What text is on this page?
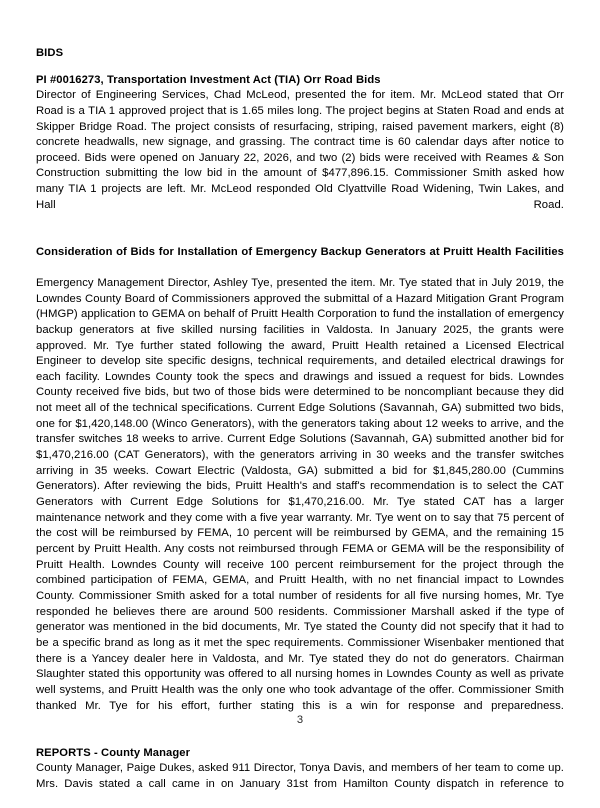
BIDS
PI #0016273, Transportation Investment Act (TIA) Orr Road Bids
Director of Engineering Services, Chad McLeod, presented the for item. Mr. McLeod stated that Orr Road is a TIA 1 approved project that is 1.65 miles long. The project begins at Staten Road and ends at Skipper Bridge Road. The project consists of resurfacing, striping, raised pavement markers, eight (8) concrete headwalls, new signage, and grassing. The contract time is 60 calendar days after notice to proceed. Bids were opened on January 22, 2026, and two (2) bids were received with Reames & Son Construction submitting the low bid in the amount of $477,896.15. Commissioner Smith asked how many TIA 1 projects are left. Mr. McLeod responded Old Clyattville Road Widening, Twin Lakes, and Hall Road.
Consideration of Bids for Installation of Emergency Backup Generators at Pruitt Health Facilities
Emergency Management Director, Ashley Tye, presented the item. Mr. Tye stated that in July 2019, the Lowndes County Board of Commissioners approved the submittal of a Hazard Mitigation Grant Program (HMGP) application to GEMA on behalf of Pruitt Health Corporation to fund the installation of emergency backup generators at five skilled nursing facilities in Valdosta. In January 2025, the grants were approved. Mr. Tye further stated following the award, Pruitt Health retained a Licensed Electrical Engineer to develop site specific designs, technical requirements, and detailed electrical drawings for each facility. Lowndes County took the specs and drawings and issued a request for bids. Lowndes County received five bids, but two of those bids were determined to be noncompliant because they did not meet all of the technical specifications. Current Edge Solutions (Savannah, GA) submitted two bids, one for $1,420,148.00 (Winco Generators), with the generators taking about 12 weeks to arrive, and the transfer switches 18 weeks to arrive. Current Edge Solutions (Savannah, GA) submitted another bid for $1,470,216.00 (CAT Generators), with the generators arriving in 30 weeks and the transfer switches arriving in 35 weeks. Cowart Electric (Valdosta, GA) submitted a bid for $1,845,280.00 (Cummins Generators). After reviewing the bids, Pruitt Health's and staff's recommendation is to select the CAT Generators with Current Edge Solutions for $1,470,216.00. Mr. Tye stated CAT has a larger maintenance network and they come with a five year warranty. Mr. Tye went on to say that 75 percent of the cost will be reimbursed by FEMA, 10 percent will be reimbursed by GEMA, and the remaining 15 percent by Pruitt Health. Any costs not reimbursed through FEMA or GEMA will be the responsibility of Pruitt Health. Lowndes County will receive 100 percent reimbursement for the project through the combined participation of FEMA, GEMA, and Pruitt Health, with no net financial impact to Lowndes County. Commissioner Smith asked for a total number of residents for all five nursing homes, Mr. Tye responded he believes there are around 500 residents. Commissioner Marshall asked if the type of generator was mentioned in the bid documents, Mr. Tye stated the County did not specify that it had to be a specific brand as long as it met the spec requirements. Commissioner Wisenbaker mentioned that there is a Yancey dealer here in Valdosta, and Mr. Tye stated they do not do generators. Chairman Slaughter stated this opportunity was offered to all nursing homes in Lowndes County as well as private well systems, and Pruitt Health was the only one who took advantage of the offer. Commissioner Smith thanked Mr. Tye for his effort, further stating this is a win for response and preparedness.
REPORTS - County Manager
County Manager, Paige Dukes, asked 911 Director, Tonya Davis, and members of her team to come up. Mrs. Davis stated a call came in on January 31st from Hamilton County dispatch in reference to
3
